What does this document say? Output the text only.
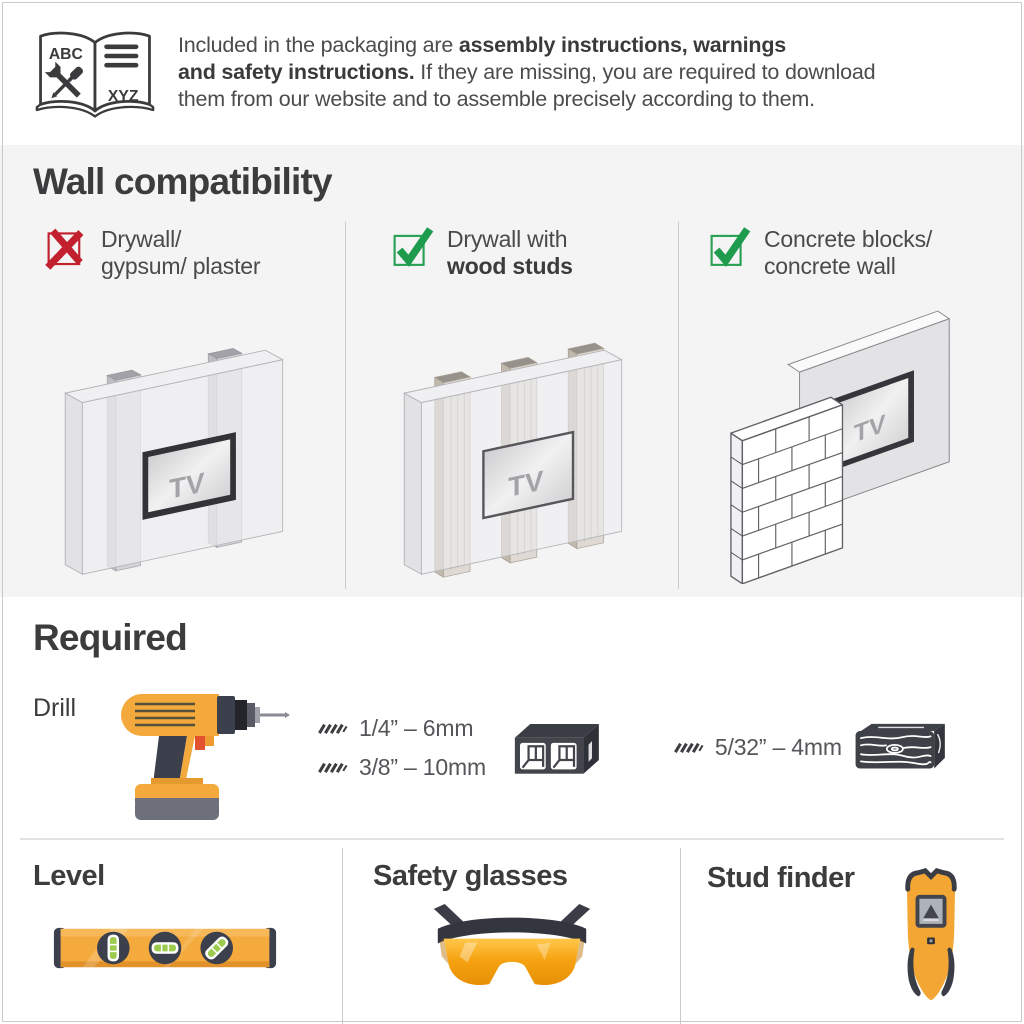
ABC
XYZ
Included in the packaging are assembly instructions, warnings
and safety instructions. If they are missing, you are required to download
them from our website and to assemble precisely according to them.
Wall compatibility
Drywall/
gypsum/ plaster
TV
Drywall with
wood studs
TV
Concrete blocks/
concrete wall
TV
Required
Drill
1/4” – 6mm
3/8” – 10mm
5/32” – 4mm
Level	Safety glasses	Stud finder
